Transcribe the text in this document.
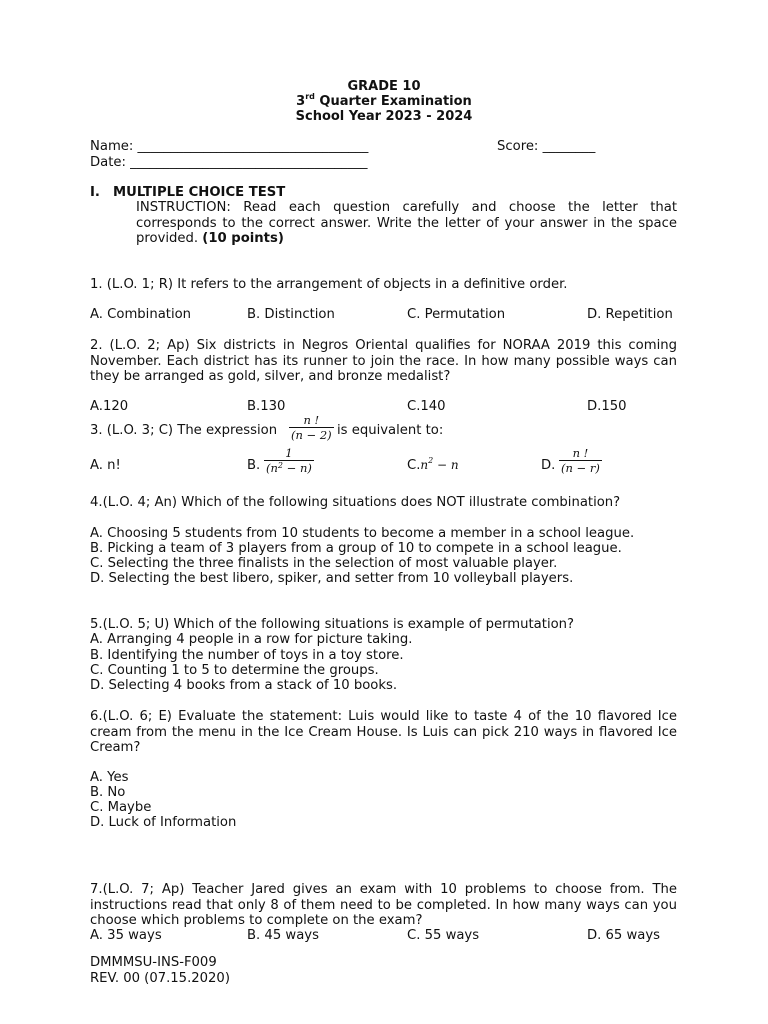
GRADE 10
3rd Quarter Examination
School Year 2023 - 2024
Name: ___________________________________	Score: ________
Date: ____________________________________
I. MULTIPLE CHOICE TEST
INSTRUCTION: Read each question carefully and choose the letter that corresponds to the correct answer. Write the letter of your answer in the space provided. (10 points)
1. (L.O. 1; R) It refers to the arrangement of objects in a definitive order.
A. Combination	B. Distinction	C. Permutation	D. Repetition
2. (L.O. 2; Ap) Six districts in Negros Oriental qualifies for NORAA 2019 this coming November. Each district has its runner to join the race. In how many possible ways can they be arranged as gold, silver, and bronze medalist?
A.120	B.130	C.140	D.150
3. (L.O. 3; C) The expression $\frac{n !}{(n - 2)}$ is equivalent to:
A. n!	B. $\frac{1}{(n^2 - n)}$	$C.n^2 - n$	D. $\frac{n !}{(n - r)}$
4.(L.O. 4; An) Which of the following situations does NOT illustrate combination?
A. Choosing 5 students from 10 students to become a member in a school league.
B. Picking a team of 3 players from a group of 10 to compete in a school league.
C. Selecting the three finalists in the selection of most valuable player.
D. Selecting the best libero, spiker, and setter from 10 volleyball players.
5.(L.O. 5; U) Which of the following situations is example of permutation?
A. Arranging 4 people in a row for picture taking.
B. Identifying the number of toys in a toy store.
C. Counting 1 to 5 to determine the groups.
D. Selecting 4 books from a stack of 10 books.
6.(L.O. 6; E) Evaluate the statement: Luis would like to taste 4 of the 10 flavored Ice cream from the menu in the Ice Cream House. Is Luis can pick 210 ways in flavored Ice Cream?
A. Yes
B. No
C. Maybe
D. Luck of Information
7.(L.O. 7; Ap) Teacher Jared gives an exam with 10 problems to choose from. The instructions read that only 8 of them need to be completed. In how many ways can you choose which problems to complete on the exam?
A. 35 ways	B. 45 ways	C. 55 ways	D. 65 ways
DMMMSU-INS-F009
REV. 00 (07.15.2020)
